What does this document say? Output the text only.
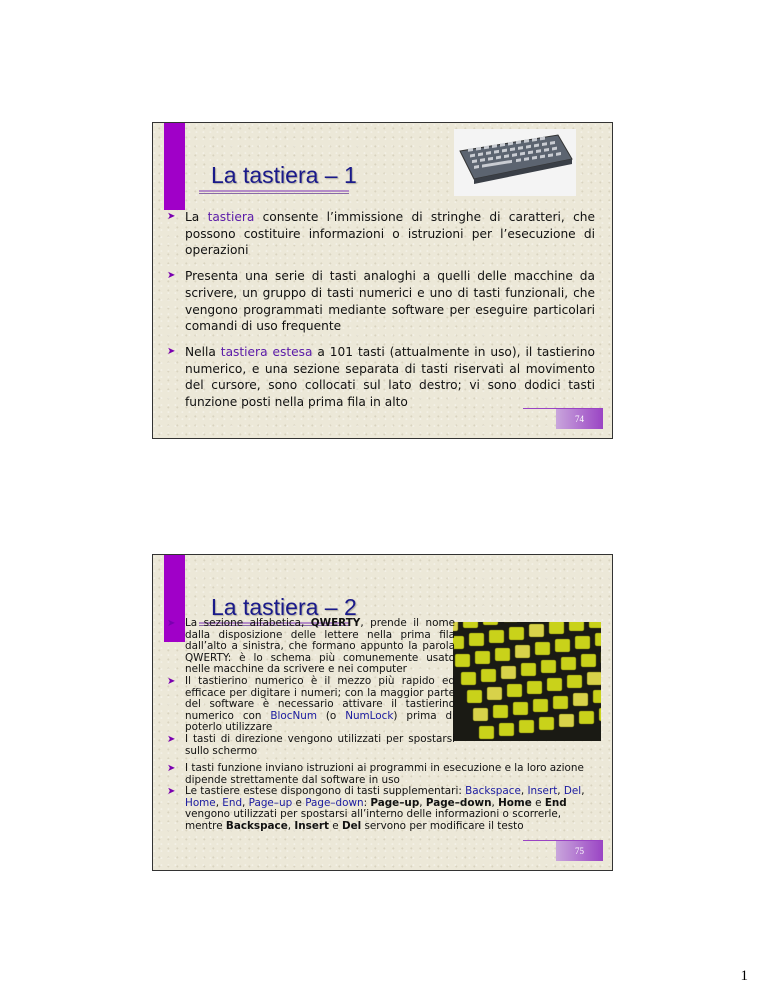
La tastiera – 1
➤ La tastiera consente l’immissione di stringhe di caratteri, che possono costituire informazioni o istruzioni per l’esecuzione di operazioni
➤ Presenta una serie di tasti analoghi a quelli delle macchine da scrivere, un gruppo di tasti numerici e uno di tasti funzionali, che vengono programmati mediante software per eseguire particolari comandi di uso frequente
➤ Nella tastiera estesa a 101 tasti (attualmente in uso), il tastierino numerico, e una sezione separata di tasti riservati al movimento del cursore, sono collocati sul lato destro; vi sono dodici tasti funzione posti nella prima fila in alto
74
La tastiera – 2
➤ La sezione alfabetica, QWERTY, prende il nome dalla disposizione delle lettere nella prima fila dall’alto a sinistra, che formano appunto la parola QWERTY: è lo schema più comunemente usato nelle macchine da scrivere e nei computer
➤ Il tastierino numerico è il mezzo più rapido ed efficace per digitare i numeri; con la maggior parte del software è necessario attivare il tastierino numerico con BlocNum (o NumLock) prima di poterlo utilizzare
➤ I tasti di direzione vengono utilizzati per spostarsi sullo schermo
➤ I tasti funzione inviano istruzioni ai programmi in esecuzione e la loro azione dipende strettamente dal software in uso
➤ Le tastiere estese dispongono di tasti supplementari: Backspace, Insert, Del, Home, End, Page–up e Page–down: Page–up, Page–down, Home e End vengono utilizzati per spostarsi all’interno delle informazioni o scorrerle, mentre Backspace, Insert e Del servono per modificare il testo
75
1
